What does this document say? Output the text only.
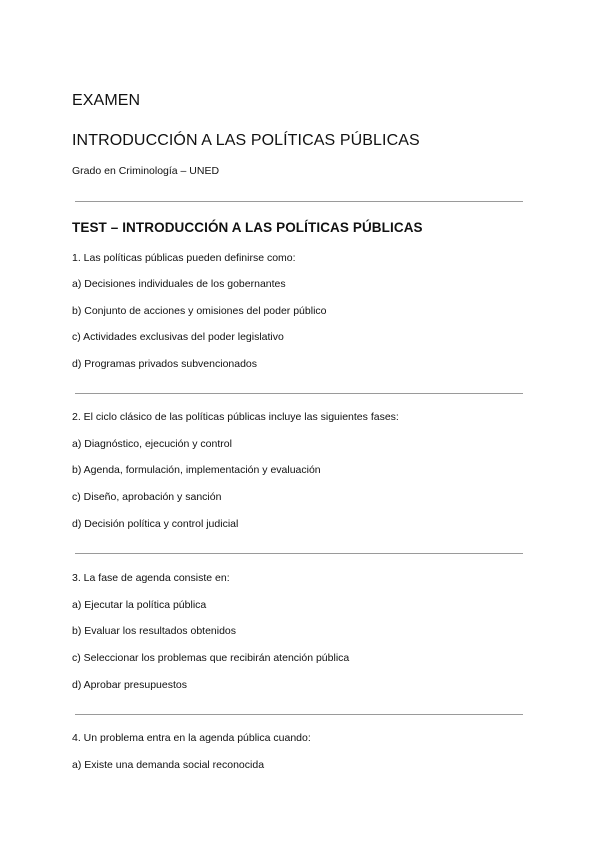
EXAMEN
INTRODUCCIÓN A LAS POLÍTICAS PÚBLICAS

Grado en Criminología – UNED

TEST – INTRODUCCIÓN A LAS POLÍTICAS PÚBLICAS

1. Las políticas públicas pueden definirse como:

a) Decisiones individuales de los gobernantes

b) Conjunto de acciones y omisiones del poder público

c) Actividades exclusivas del poder legislativo

d) Programas privados subvencionados

2. El ciclo clásico de las políticas públicas incluye las siguientes fases:

a) Diagnóstico, ejecución y control

b) Agenda, formulación, implementación y evaluación

c) Diseño, aprobación y sanción

d) Decisión política y control judicial

3. La fase de agenda consiste en:

a) Ejecutar la política pública

b) Evaluar los resultados obtenidos

c) Seleccionar los problemas que recibirán atención pública

d) Aprobar presupuestos

4. Un problema entra en la agenda pública cuando:

a) Existe una demanda social reconocida
